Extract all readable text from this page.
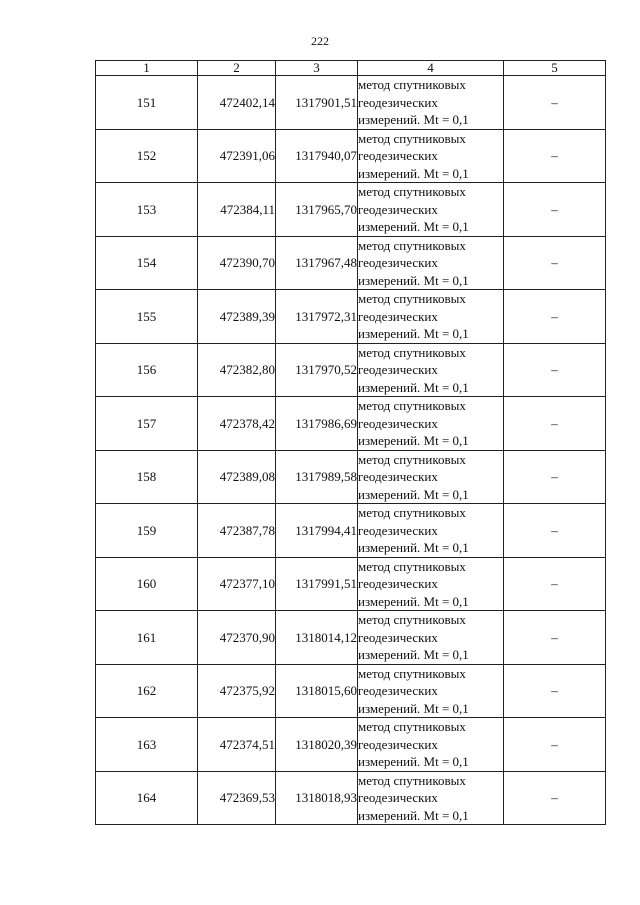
222
1	2	3	4	5
151	472402,14	1317901,51	метод спутниковых
геодезических
измерений. Mt = 0,1	–
152	472391,06	1317940,07	метод спутниковых
геодезических
измерений. Mt = 0,1	–
153	472384,11	1317965,70	метод спутниковых
геодезических
измерений. Mt = 0,1	–
154	472390,70	1317967,48	метод спутниковых
геодезических
измерений. Mt = 0,1	–
155	472389,39	1317972,31	метод спутниковых
геодезических
измерений. Mt = 0,1	–
156	472382,80	1317970,52	метод спутниковых
геодезических
измерений. Mt = 0,1	–
157	472378,42	1317986,69	метод спутниковых
геодезических
измерений. Mt = 0,1	–
158	472389,08	1317989,58	метод спутниковых
геодезических
измерений. Mt = 0,1	–
159	472387,78	1317994,41	метод спутниковых
геодезических
измерений. Mt = 0,1	–
160	472377,10	1317991,51	метод спутниковых
геодезических
измерений. Mt = 0,1	–
161	472370,90	1318014,12	метод спутниковых
геодезических
измерений. Mt = 0,1	–
162	472375,92	1318015,60	метод спутниковых
геодезических
измерений. Mt = 0,1	–
163	472374,51	1318020,39	метод спутниковых
геодезических
измерений. Mt = 0,1	–
164	472369,53	1318018,93	метод спутниковых
геодезических
измерений. Mt = 0,1	–
